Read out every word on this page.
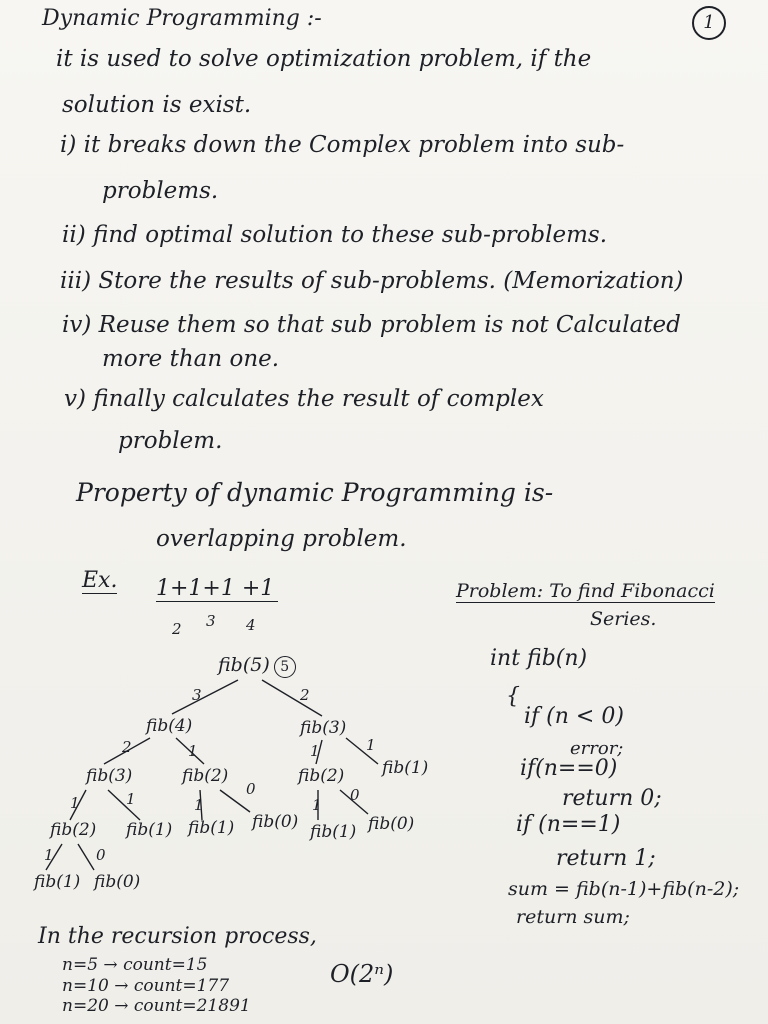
Dynamic Programming :-	1
it is used to solve optimization problem, if the
solution is exist.
i) it breaks down the Complex problem into sub-
problems.
ii) find optimal solution to these sub-problems.
iii) Store the results of sub-problems. (Memorization)
iv) Reuse them so that sub problem is not Calculated
more than one.
v) finally calculates the result of complex
problem.
Property of dynamic Programming is-
overlapping problem.
Ex. 1+1+1 +1
2 3 4
fib(5) 5
3	2
fib(4)	fib(3)
2	1	1	1
fib(3)	fib(2)	fib(2) fib(1)
1	1	1
0
1
0
fib(2) fib(1) fib(1) fib(0) fib(1) fib(0)
1	0
fib(1) fib(0)
Problem: To find Fibonacci
Series.
int fib(n)
{
if (n < 0)
error;
if(n==0)
return 0;
if (n==1)
return 1;
sum = fib(n-1)+fib(n-2);
return sum;
In the recursion process,
n=5 → count=15
n=10 → count=177
n=20 → count=21891
O(2ⁿ)
